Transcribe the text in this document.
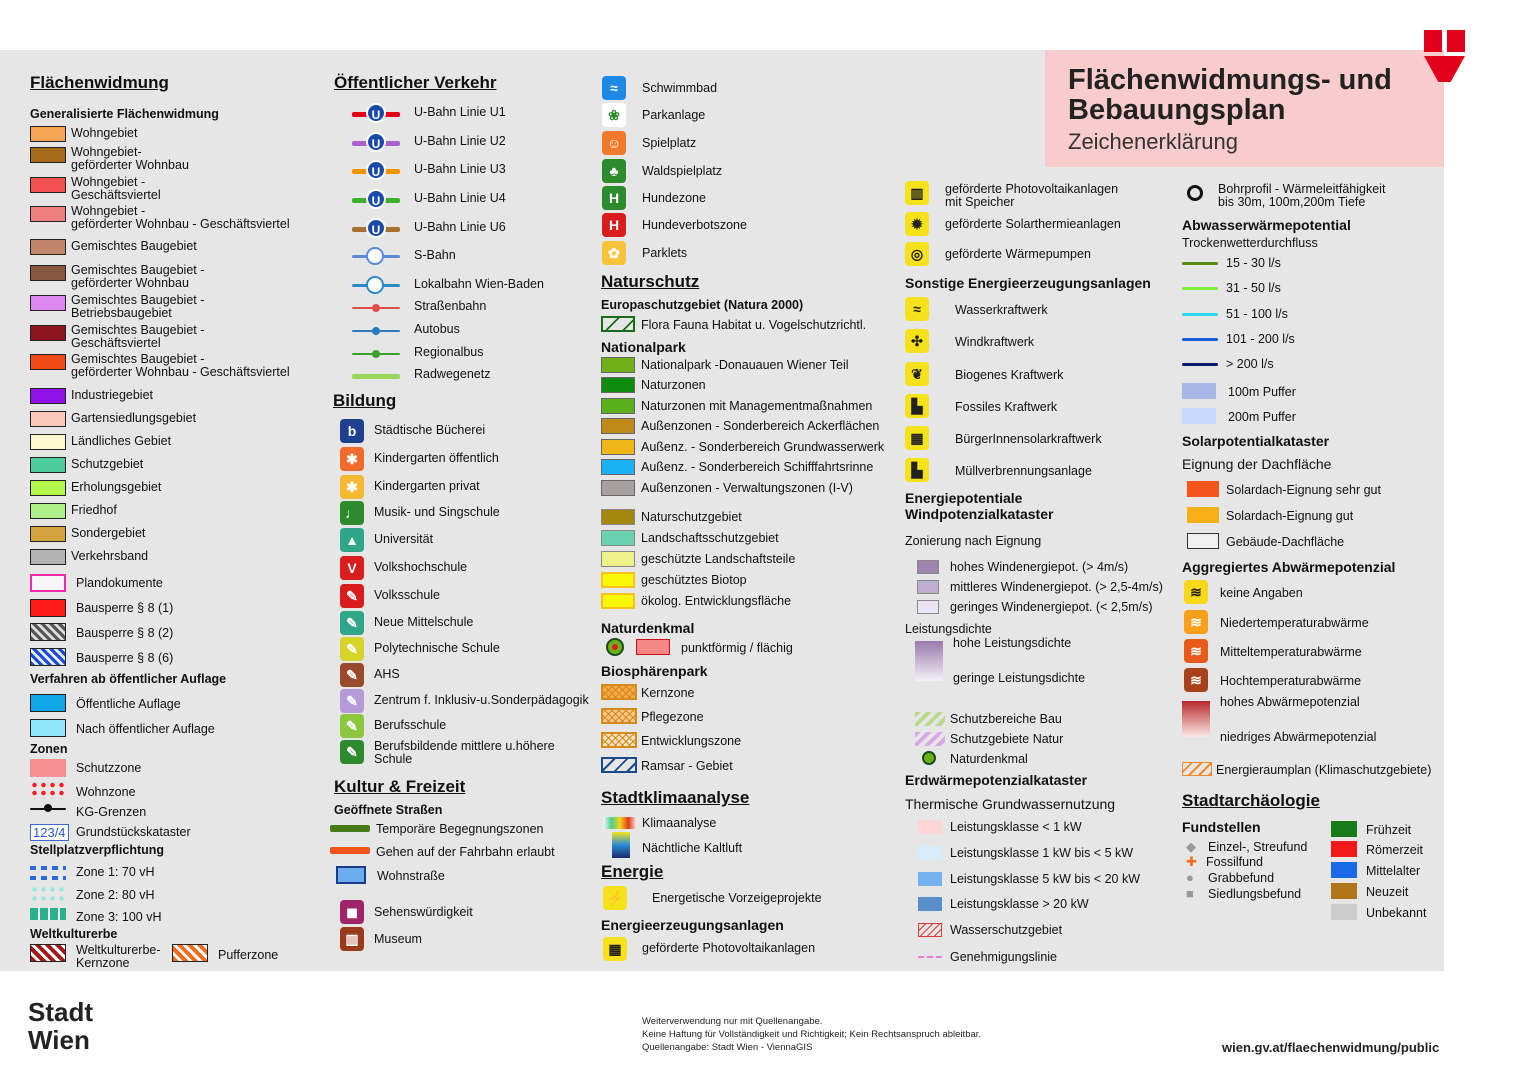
Flächenwidmungs- und
Bebauungsplan
Zeichenerklärung
Flächenwidmung
Generalisierte Flächenwidmung
Wohngebiet
Wohngebiet-
geförderter Wohnbau
Wohngebiet -
Geschäftsviertel
Wohngebiet -
geförderter Wohnbau - Geschäftsviertel
Gemischtes Baugebiet
Gemischtes Baugebiet -
geförderter Wohnbau
Gemischtes Baugebiet -
Betriebsbaugebiet
Gemischtes Baugebiet -
Geschäftsviertel
Gemischtes Baugebiet -
geförderter Wohnbau - Geschäftsviertel
Industriegebiet
Gartensiedlungsgebiet
Ländliches Gebiet
Schutzgebiet
Erholungsgebiet
Friedhof
Sondergebiet
Verkehrsband
Plandokumente
Bausperre § 8 (1)
Bausperre § 8 (2)
Bausperre § 8 (6)
Verfahren ab öffentlicher Auflage
Öffentliche Auflage
Nach öffentlicher Auflage
Zonen
Schutzzone
Wohnzone
KG-Grenzen
123/4 Grundstückskataster
Stellplatzverpflichtung
Zone 1: 70 vH
Zone 2: 80 vH
Zone 3: 100 vH
Weltkulturerbe
Weltkulturerbe-
Kernzone
Pufferzone
Öffentlicher Verkehr
U	U-Bahn Linie U1
U	U-Bahn Linie U2
U	U-Bahn Linie U3
U	U-Bahn Linie U4
U	U-Bahn Linie U6
S-Bahn
Lokalbahn Wien-Baden
Straßenbahn
Autobus
Regionalbus
Radwegenetz
Bildung
b	Städtische Bücherei
✱	Kindergarten öffentlich
✱	Kindergarten privat
♩	Musik- und Singschule
▲	Universität
V	Volkshochschule
✎	Volksschule
✎	Neue Mittelschule
✎	Polytechnische Schule
✎	AHS
✎	Zentrum f. Inklusiv-u.Sonderpädagogik
✎	Berufsschule
✎	Berufsbildende mittlere u.höhere
Schule
Kultur & Freizeit
Geöffnete Straßen
Temporäre Begegnungszonen
Gehen auf der Fahrbahn erlaubt
Wohnstraße
◼	Sehenswürdigkeit
▥	Museum
≈	Schwimmbad
❀	Parkanlage
☺	Spielplatz
♣	Waldspielplatz
H	Hundezone
H	Hundeverbotszone
✿	Parklets
Naturschutz
Europaschutzgebiet (Natura 2000)
Flora Fauna Habitat u. Vogelschutzrichtl.
Nationalpark
Nationalpark -Donauauen Wiener Teil
Naturzonen
Naturzonen mit Managementmaßnahmen
Außenzonen - Sonderbereich Ackerflächen
Außenz. - Sonderbereich Grundwasserwerk
Außenz. - Sonderbereich Schifffahrtsrinne
Außenzonen - Verwaltungszonen (I-V)
Naturschutzgebiet
Landschaftsschutzgebiet
geschützte Landschaftsteile
geschütztes Biotop
ökolog. Entwicklungsfläche
Naturdenkmal
punktförmig / flächig
Biosphärenpark
Kernzone
Pflegezone
Entwicklungszone
Ramsar - Gebiet
Stadtklimaanalyse
Klimaanalyse
Nächtliche Kaltluft
Energie
⚡ Energetische Vorzeigeprojekte
Energieerzeugungsanlagen
▦	geförderte Photovoltaikanlagen
▥	geförderte Photovoltaikanlagen
mit Speicher
✹	geförderte Solarthermieanlagen
◎	geförderte Wärmepumpen
Sonstige Energieerzeugungsanlagen
≈	Wasserkraftwerk
✣	Windkraftwerk
❦	Biogenes Kraftwerk
▙	Fossiles Kraftwerk
▦	BürgerInnensolarkraftwerk
▙	Müllverbrennungsanlage
Energiepotentiale
Windpotenzialkataster
Zonierung nach Eignung
hohes Windenergiepot. (> 4m/s)
mittleres Windenergiepot. (> 2,5-4m/s)
geringes Windenergiepot. (< 2,5m/s)
Leistungsdichte
hohe Leistungsdichte
geringe Leistungsdichte
Schutzbereiche Bau
Schutzgebiete Natur
Naturdenkmal
Erdwärmepotenzialkataster
Thermische Grundwassernutzung
Leistungsklasse < 1 kW
Leistungsklasse 1 kW bis < 5 kW
Leistungsklasse 5 kW bis < 20 kW
Leistungsklasse > 20 kW
Wasserschutzgebiet
Genehmigungslinie
Bohrprofil - Wärmeleitfähigkeit
bis 30m, 100m,200m Tiefe
Abwasserwärmepotential
Trockenwetterdurchfluss
15 - 30 l/s
31 - 50 l/s
51 - 100 l/s
101 - 200 l/s
> 200 l/s
100m Puffer
200m Puffer
Solarpotentialkataster
Eignung der Dachfläche
Solardach-Eignung sehr gut
Solardach-Eignung gut
Gebäude-Dachfläche
Aggregiertes Abwärmepotenzial
≋	keine Angaben
≋	Niedertemperaturabwärme
≋	Mitteltemperaturabwärme
≋	Hochtemperaturabwärme
hohes Abwärmepotenzial
niedriges Abwärmepotenzial
Energieraumplan (Klimaschutzgebiete)
Stadtarchäologie
Fundstellen
◆ Einzel-, Streufund
✚ Fossilfund
● Grabbefund
■ Siedlungsbefund
Frühzeit
Römerzeit
Mittelalter
Neuzeit
Unbekannt
Stadt
Wien
Weiterverwendung nur mit Quellenangabe.
Keine Haftung für Vollständigkeit und Richtigkeit; Kein Rechtsanspruch ableitbar.
Quellenangabe: Stadt Wien - ViennaGIS	wien.gv.at/flaechenwidmung/public
